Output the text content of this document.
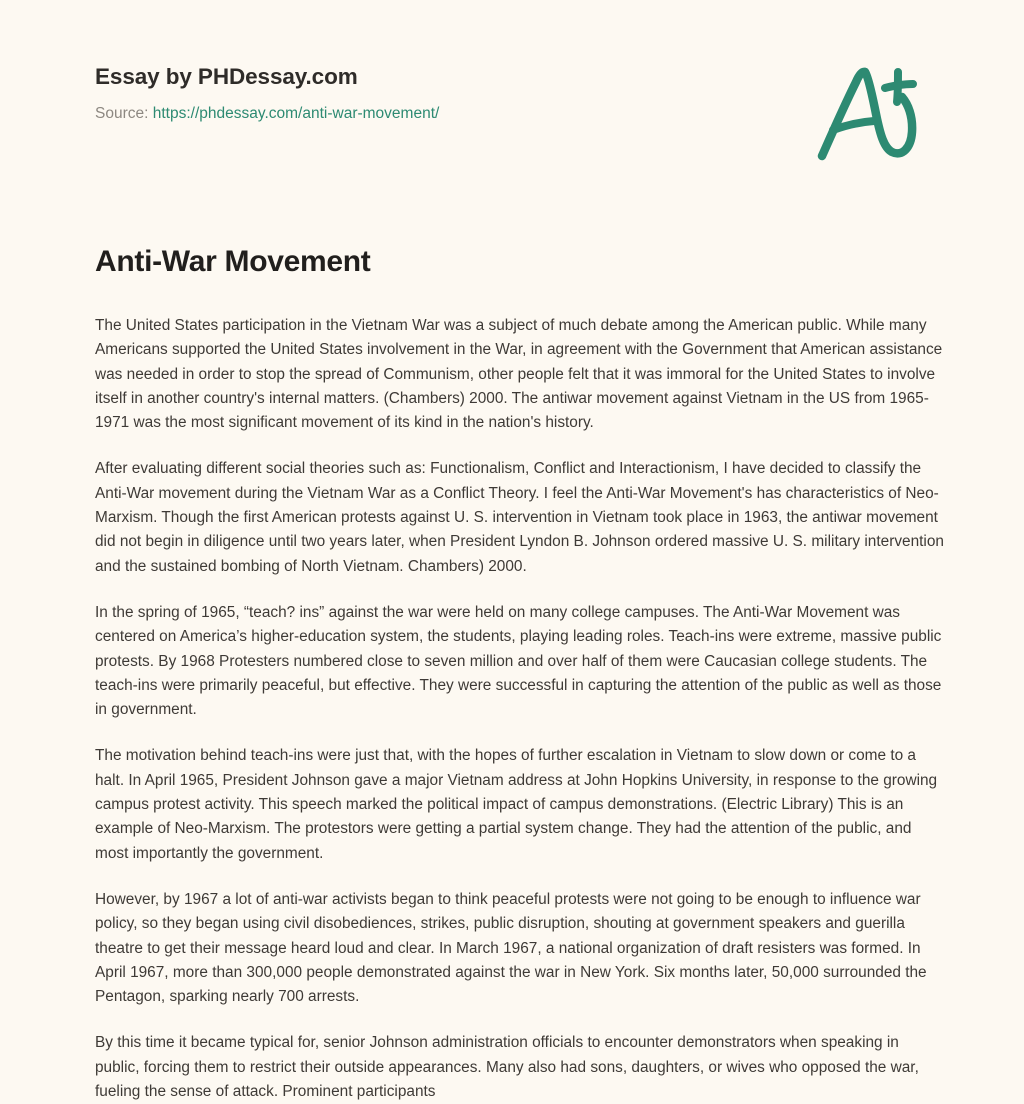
Essay by PHDessay.com
Source: https://phdessay.com/anti-war-movement/
Anti-War Movement

The United States participation in the Vietnam War was a subject of much debate among the American public. While many Americans supported the United States involvement in the War, in agreement with the Government that American assistance was needed in order to stop the spread of Communism, other people felt that it was immoral for the United States to involve itself in another country's internal matters. (Chambers) 2000. The antiwar movement against Vietnam in the US from 1965-1971 was the most significant movement of its kind in the nation's history.

After evaluating different social theories such as: Functionalism, Conflict and Interactionism, I have decided to classify the Anti-War movement during the Vietnam War as a Conflict Theory. I feel the Anti-War Movement's has characteristics of Neo-Marxism. Though the first American protests against U. S. intervention in Vietnam took place in 1963, the antiwar movement did not begin in diligence until two years later, when President Lyndon B. Johnson ordered massive U. S. military intervention and the sustained bombing of North Vietnam. Chambers) 2000.

In the spring of 1965, “teach? ins” against the war were held on many college campuses. The Anti-War Movement was centered on America’s higher-education system, the students, playing leading roles. Teach-ins were extreme, massive public protests. By 1968 Protesters numbered close to seven million and over half of them were Caucasian college students. The teach-ins were primarily peaceful, but effective. They were successful in capturing the attention of the public as well as those in government.

The motivation behind teach-ins were just that, with the hopes of further escalation in Vietnam to slow down or come to a halt. In April 1965, President Johnson gave a major Vietnam address at John Hopkins University, in response to the growing campus protest activity. This speech marked the political impact of campus demonstrations. (Electric Library) This is an example of Neo-Marxism. The protestors were getting a partial system change. They had the attention of the public, and most importantly the government.

However, by 1967 a lot of anti-war activists began to think peaceful protests were not going to be enough to influence war policy, so they began using civil disobediences, strikes, public disruption, shouting at government speakers and guerilla theatre to get their message heard loud and clear. In March 1967, a national organization of draft resisters was formed. In April 1967, more than 300,000 people demonstrated against the war in New York. Six months later, 50,000 surrounded the Pentagon, sparking nearly 700 arrests.

By this time it became typical for, senior Johnson administration officials to encounter demonstrators when speaking in public, forcing them to restrict their outside appearances. Many also had sons, daughters, or wives who opposed the war, fueling the sense of attack. Prominent participants
